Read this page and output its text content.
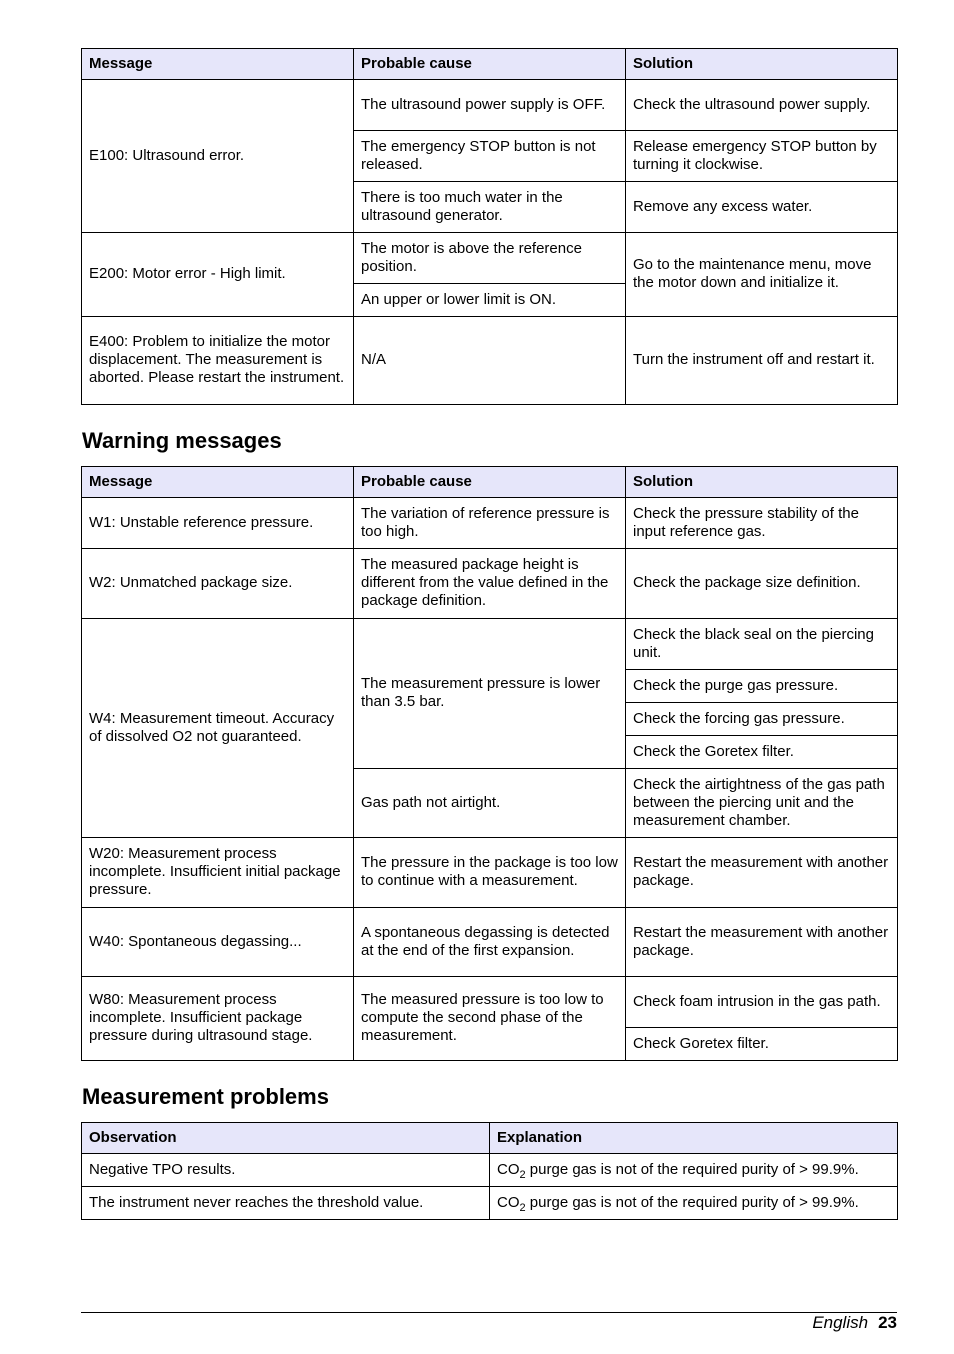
Message	Probable cause	Solution
E100: Ultrasound error.	The ultrasound power supply is OFF.	Check the ultrasound power supply.
	The emergency STOP button is not released.	Release emergency STOP button by turning it clockwise.
	There is too much water in the ultrasound generator.	Remove any excess water.
E200: Motor error - High limit.	The motor is above the reference position.	Go to the maintenance menu, move the motor down and initialize it.
	An upper or lower limit is ON.	
E400: Problem to initialize the motor displacement. The measurement is aborted. Please restart the instrument.	N/A	Turn the instrument off and restart it.
Warning messages
Message	Probable cause	Solution
W1: Unstable reference pressure.	The variation of reference pressure is too high.	Check the pressure stability of the input reference gas.
W2: Unmatched package size.	The measured package height is different from the value defined in the package definition.	Check the package size definition.
W4: Measurement timeout. Accuracy of dissolved O2 not guaranteed.	The measurement pressure is lower than 3.5 bar.	Check the black seal on the piercing unit.
		Check the purge gas pressure.
		Check the forcing gas pressure.
		Check the Goretex filter.
	Gas path not airtight.	Check the airtightness of the gas path between the piercing unit and the measurement chamber.
W20: Measurement process incomplete. Insufficient initial package pressure.	The pressure in the package is too low to continue with a measurement.	Restart the measurement with another package.
W40: Spontaneous degassing...	A spontaneous degassing is detected at the end of the first expansion.	Restart the measurement with another package.
W80: Measurement process incomplete. Insufficient package pressure during ultrasound stage.	The measured pressure is too low to compute the second phase of the measurement.	Check foam intrusion in the gas path.
		Check Goretex filter.
Measurement problems
Observation	Explanation
Negative TPO results.	$CO_2$ purge gas is not of the required purity of > 99.9%.
The instrument never reaches the threshold value.	$CO_2$ purge gas is not of the required purity of > 99.9%.
English 23
